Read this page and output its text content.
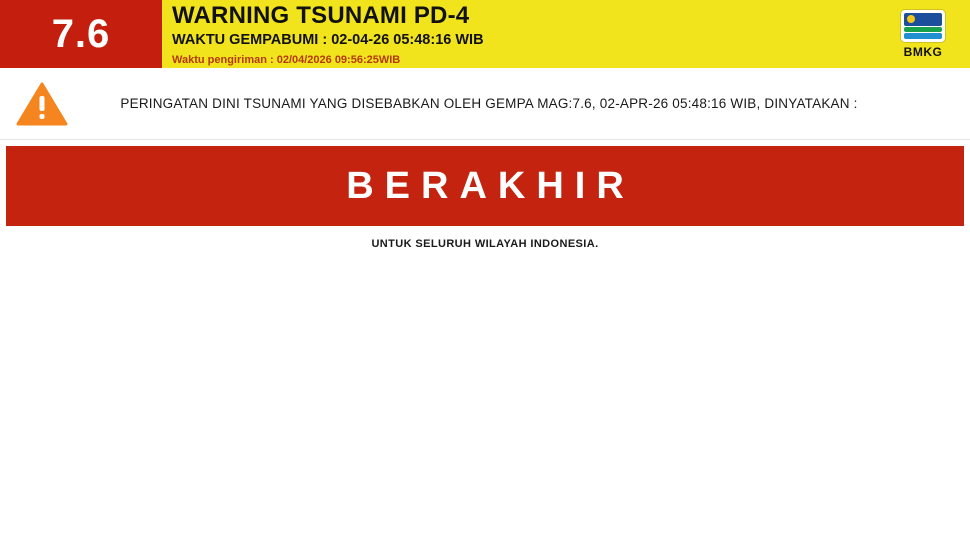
7.6	WARNING TSUNAMI PD-4
WAKTU GEMPABUMI : 02-04-26 05:48:16 WIB
Waktu pengiriman : 02/04/2026 09:56:25WIB
BMKG
PERINGATAN DINI TSUNAMI YANG DISEBABKAN OLEH GEMPA MAG:7.6, 02-APR-26 05:48:16 WIB, DINYATAKAN :
BERAKHIR
UNTUK SELURUH WILAYAH INDONESIA.
